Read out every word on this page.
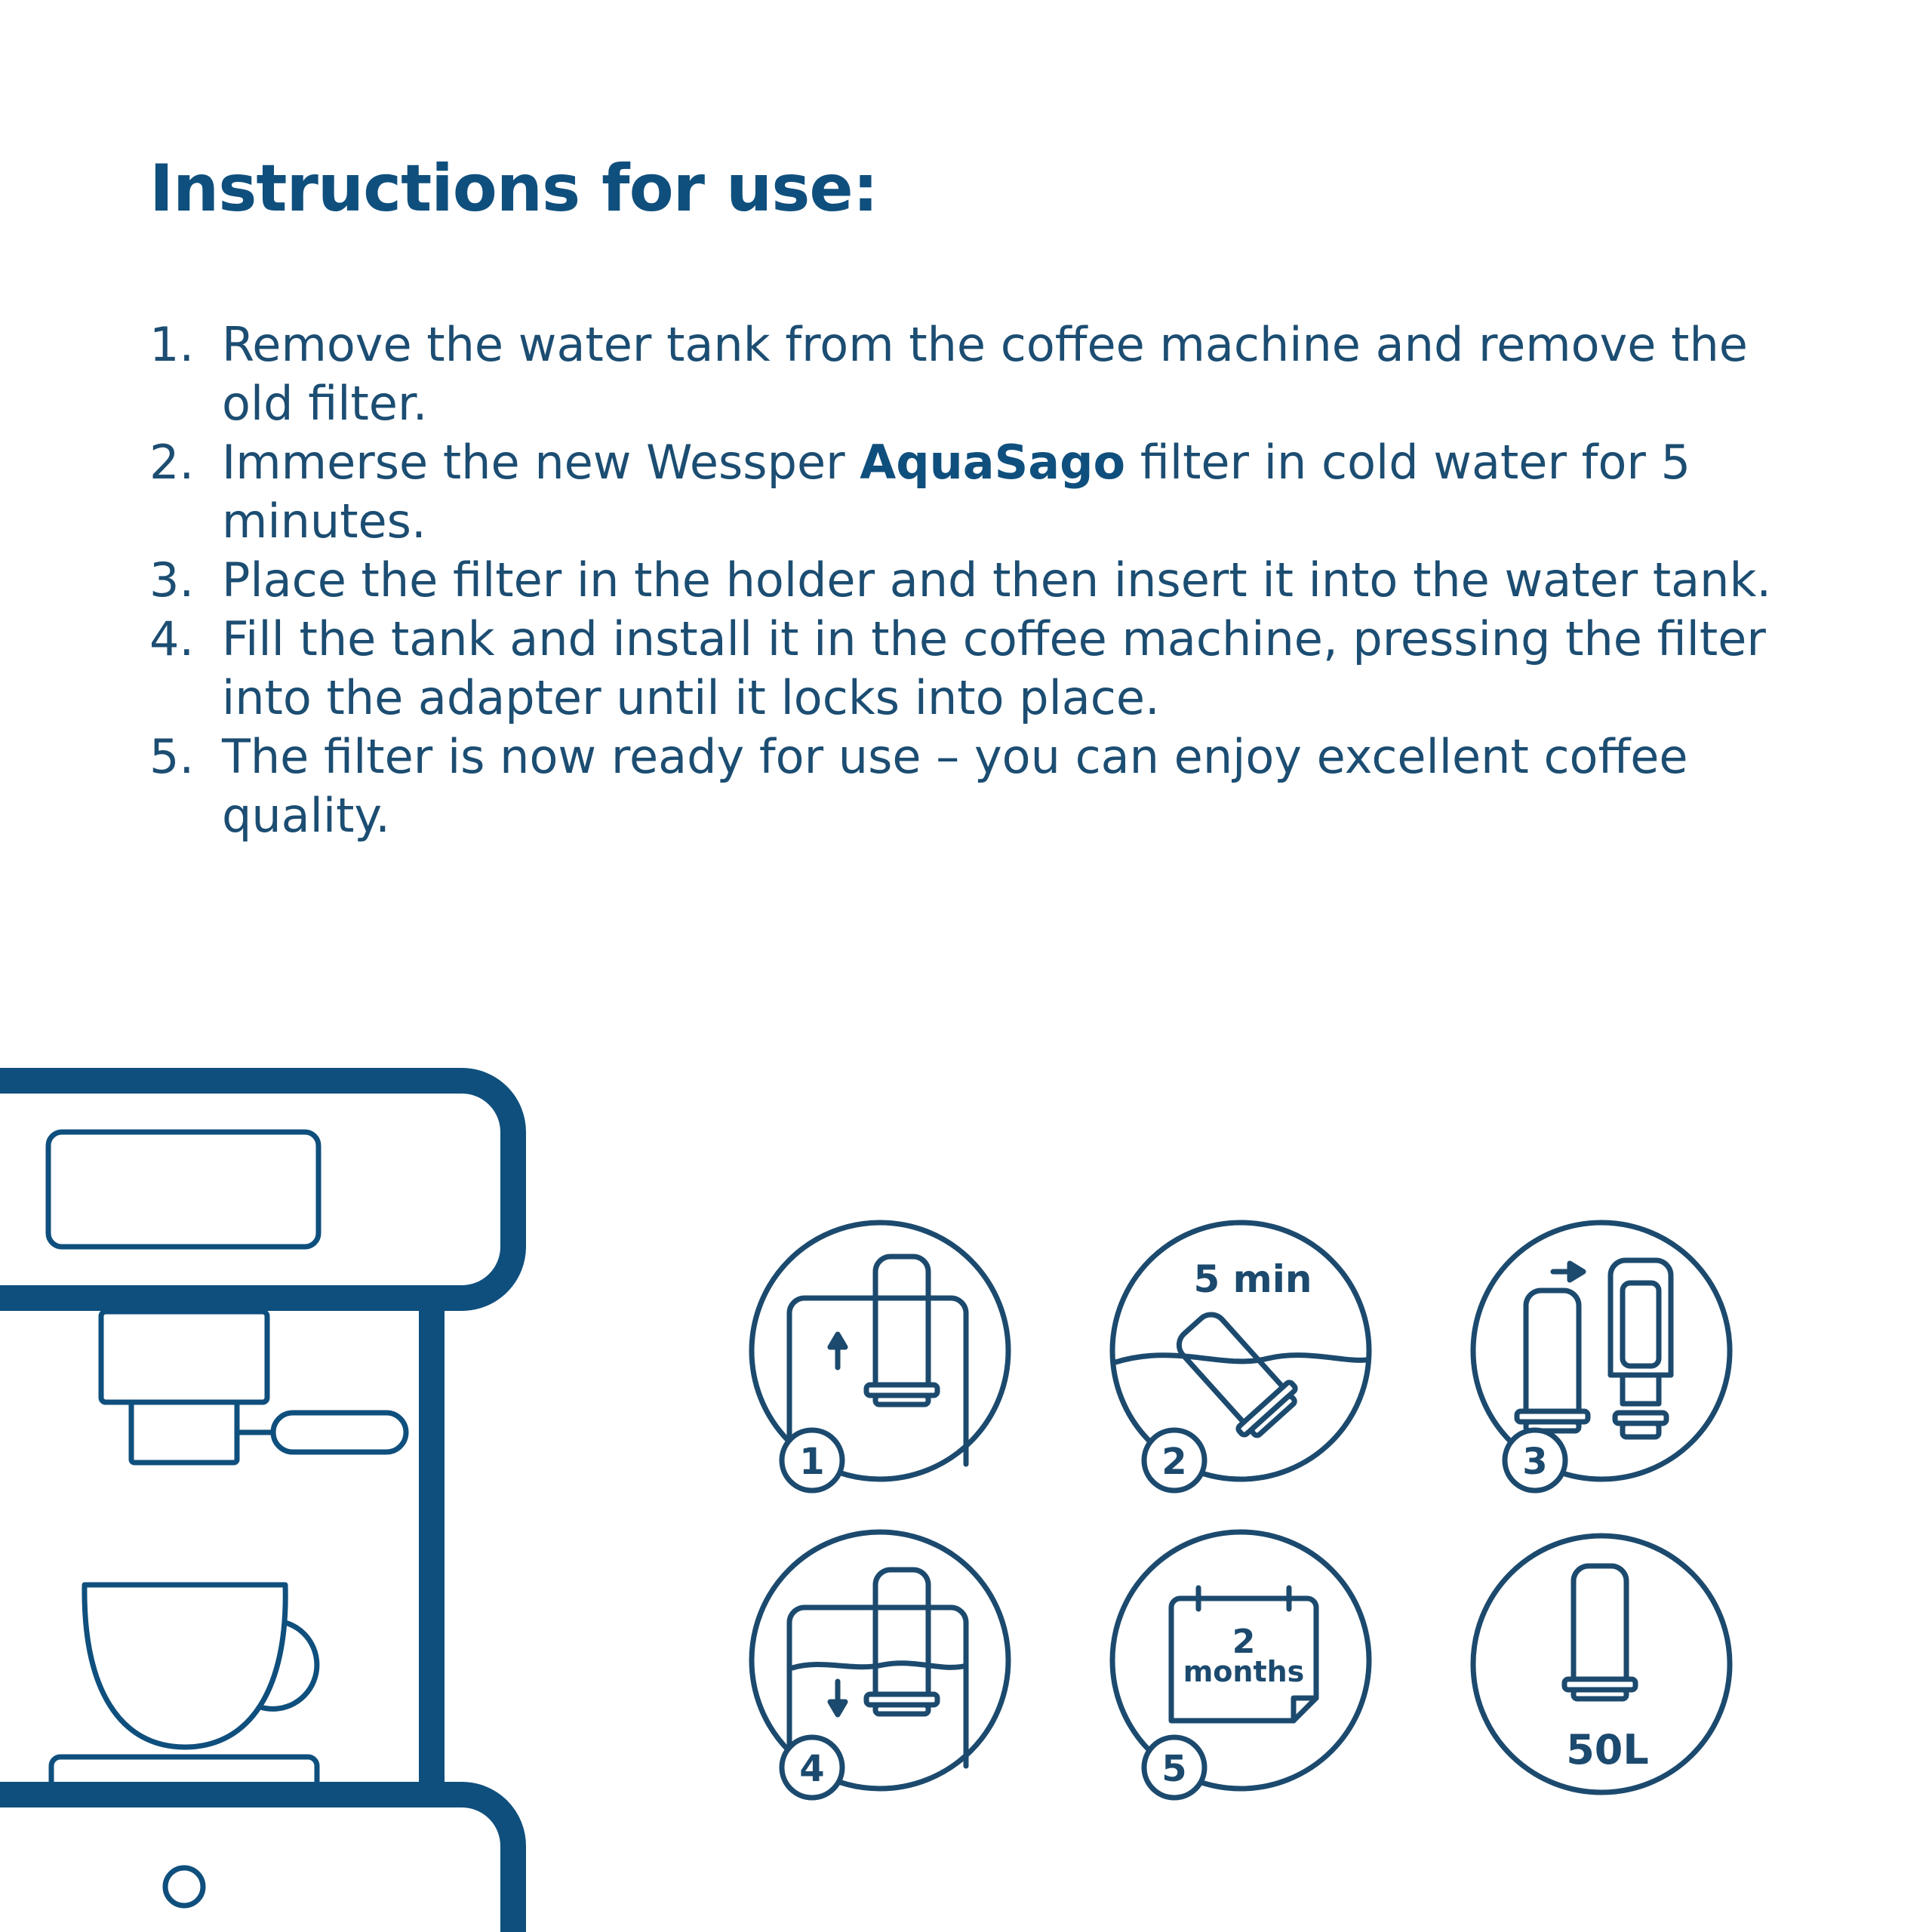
Instructions for use:
1. Remove the water tank from the coffee machine and remove the old filter.
2. Immerse the new Wessper AquaSago filter in cold water for 5 minutes.
3. Place the filter in the holder and then insert it into the water tank.
4. Fill the tank and install it in the coffee machine, pressing the filter into the adapter until it locks into place.
5. The filter is now ready for use – you can enjoy excellent coffee quality.
1
5 min
2	3
4
2
months
5	50L
